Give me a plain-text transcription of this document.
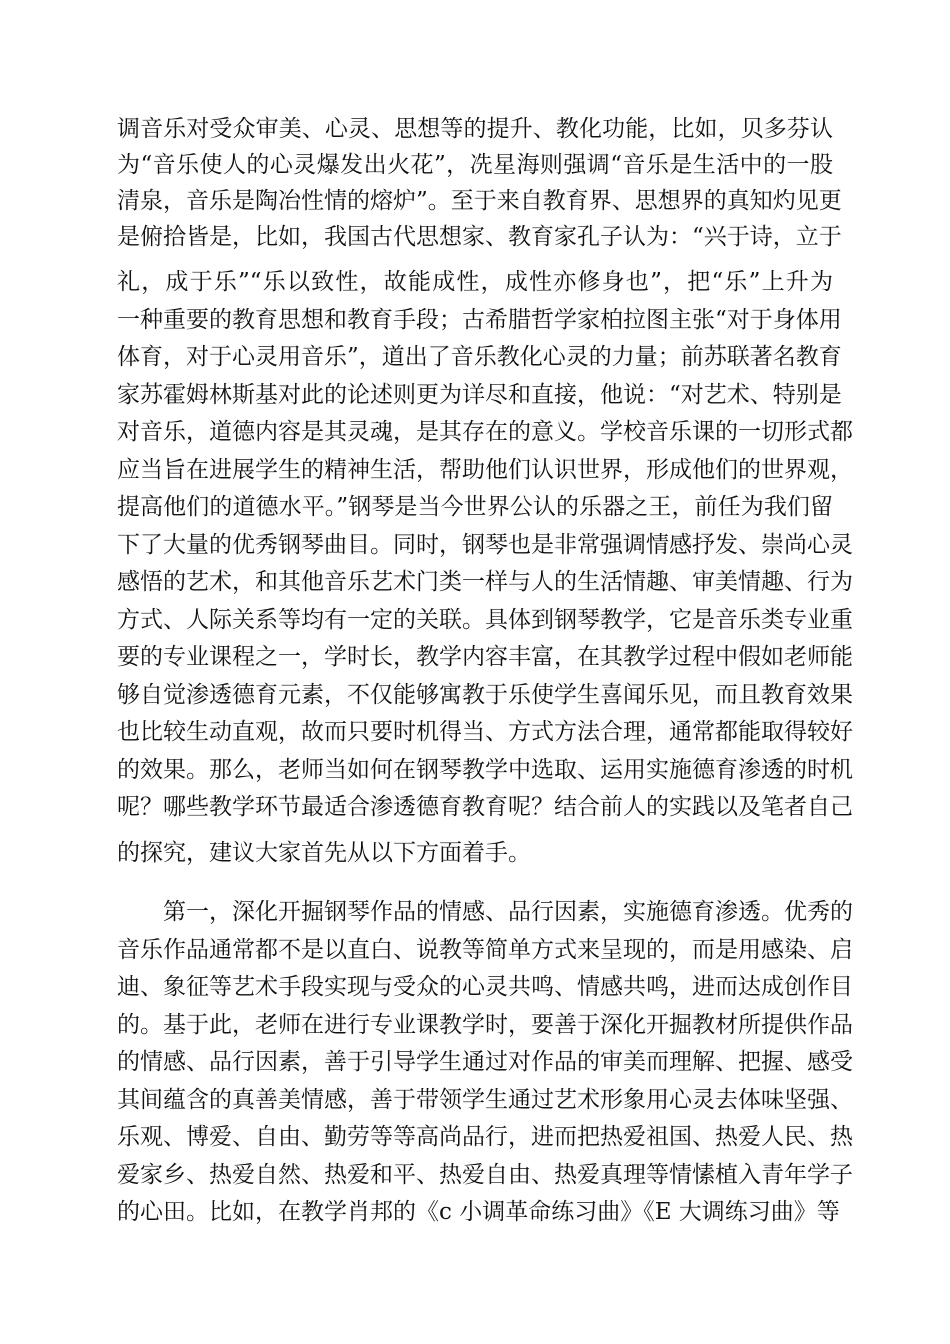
调音乐对受众审美、心灵、思想等的提升、教化功能，比如，贝多芬认
为“音乐使人的心灵爆发出火花”，冼星海则强调“音乐是生活中的一股
清泉，音乐是陶冶性情的熔炉”。至于来自教育界、思想界的真知灼见更
是俯拾皆是，比如，我国古代思想家、教育家孔子认为：“兴于诗，立于
礼，成于乐”“乐以致性，故能成性，成性亦修身也”，把“乐”上升为
一种重要的教育思想和教育手段；古希腊哲学家柏拉图主张“对于身体用
体育，对于心灵用音乐”，道出了音乐教化心灵的力量；前苏联著名教育
家苏霍姆林斯基对此的论述则更为详尽和直接，他说：“对艺术、特别是
对音乐，道德内容是其灵魂，是其存在的意义。学校音乐课的一切形式都
应当旨在进展学生的精神生活，帮助他们认识世界，形成他们的世界观，
提高他们的道德水平。”钢琴是当今世界公认的乐器之王，前任为我们留
下了大量的优秀钢琴曲目。同时，钢琴也是非常强调情感抒发、崇尚心灵
感悟的艺术，和其他音乐艺术门类一样与人的生活情趣、审美情趣、行为
方式、人际关系等均有一定的关联。具体到钢琴教学，它是音乐类专业重
要的专业课程之一，学时长，教学内容丰富，在其教学过程中假如老师能
够自觉渗透德育元素，不仅能够寓教于乐使学生喜闻乐见，而且教育效果
也比较生动直观，故而只要时机得当、方式方法合理，通常都能取得较好
的效果。那么，老师当如何在钢琴教学中选取、运用实施德育渗透的时机
呢？哪些教学环节最适合渗透德育教育呢？结合前人的实践以及笔者自己
的探究，建议大家首先从以下方面着手。
第一，深化开掘钢琴作品的情感、品行因素，实施德育渗透。优秀的
音乐作品通常都不是以直白、说教等简单方式来呈现的，而是用感染、启
迪、象征等艺术手段实现与受众的心灵共鸣、情感共鸣，进而达成创作目
的。基于此，老师在进行专业课教学时，要善于深化开掘教材所提供作品
的情感、品行因素，善于引导学生通过对作品的审美而理解、把握、感受
其间蕴含的真善美情感，善于带领学生通过艺术形象用心灵去体味坚强、
乐观、博爱、自由、勤劳等等高尚品行，进而把热爱祖国、热爱人民、热
爱家乡、热爱自然、热爱和平、热爱自由、热爱真理等情愫植入青年学子
的心田。比如，在教学肖邦的《c 小调革命练习曲》《E 大调练习曲》等
